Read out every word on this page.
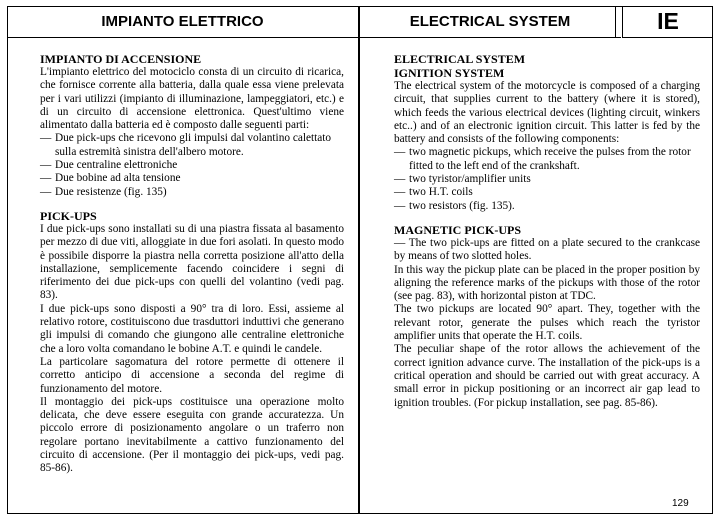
IMPIANTO ELETTRICO	ELECTRICAL SYSTEM	IE
IMPIANTO DI ACCENSIONE

L'impianto elettrico del motociclo consta di un circuito di ricarica, che fornisce corrente alla batteria, dalla quale essa viene prelevata per i vari utilizzi (impianto di illuminazione, lampeggiatori, etc.) e di un circuito di accensione elettronica. Quest'ultimo viene alimentato dalla batteria ed è composto dalle seguenti parti:

— Due pick-ups che ricevono gli impulsi dal volantino calettato sulla estremità sinistra dell'albero motore.
— Due centraline elettroniche
— Due bobine ad alta tensione
— Due resistenze (fig. 135)
PICK-UPS

I due pick-ups sono installati su di una piastra fissata al basamento per mezzo di due viti, alloggiate in due fori asolati. In questo modo è possibile disporre la piastra nella corretta posizione all'atto della installazione, semplicemente facendo coincidere i segni di riferimento dei due pick-ups con quelli del volantino (vedi pag. 83).

I due pick-ups sono disposti a 90° tra di loro. Essi, assieme al relativo rotore, costituiscono due trasduttori induttivi che generano gli impulsi di comando che giungono alle centraline elettroniche che a loro volta comandano le bobine A.T. e quindi le candele.

La particolare sagomatura del rotore permette di ottenere il corretto anticipo di accensione a seconda del regime di funzionamento del motore.

Il montaggio dei pick-ups costituisce una operazione molto delicata, che deve essere eseguita con grande accuratezza. Un piccolo errore di posizionamento angolare o un traferro non regolare portano inevitabilmente a cattivo funzionamento del circuito di accensione. (Per il montaggio dei pick-ups, vedi pag. 85-86).

ELECTRICAL SYSTEM
IGNITION SYSTEM

The electrical system of the motorcycle is composed of a charging circuit, that supplies current to the battery (where it is stored), which feeds the various electrical devices (lighting circuit, winkers etc..) and of an electronic ignition circuit. This latter is fed by the battery and consists of the following components:

— two magnetic pickups, which receive the pulses from the rotor fitted to the left end of the crankshaft.
— two tyristor/amplifier units
— two H.T. coils
— two resistors (fig. 135).
MAGNETIC PICK-UPS

— The two pick-ups are fitted on a plate secured to the crankcase by means of two slotted holes.

In this way the pickup plate can be placed in the proper position by aligning the reference marks of the pickups with those of the rotor (see pag. 83), with horizontal piston at TDC.

The two pickups are located 90° apart. They, together with the relevant rotor, generate the pulses which reach the tyristor amplifier units that operate the H.T. coils.

The peculiar shape of the rotor allows the achievement of the correct ignition advance curve. The installation of the pick-ups is a critical operation and should be carried out with great accuracy. A small error in pickup positioning or an incorrect air gap lead to ignition troubles. (For pickup installation, see pag. 85-86).

129
